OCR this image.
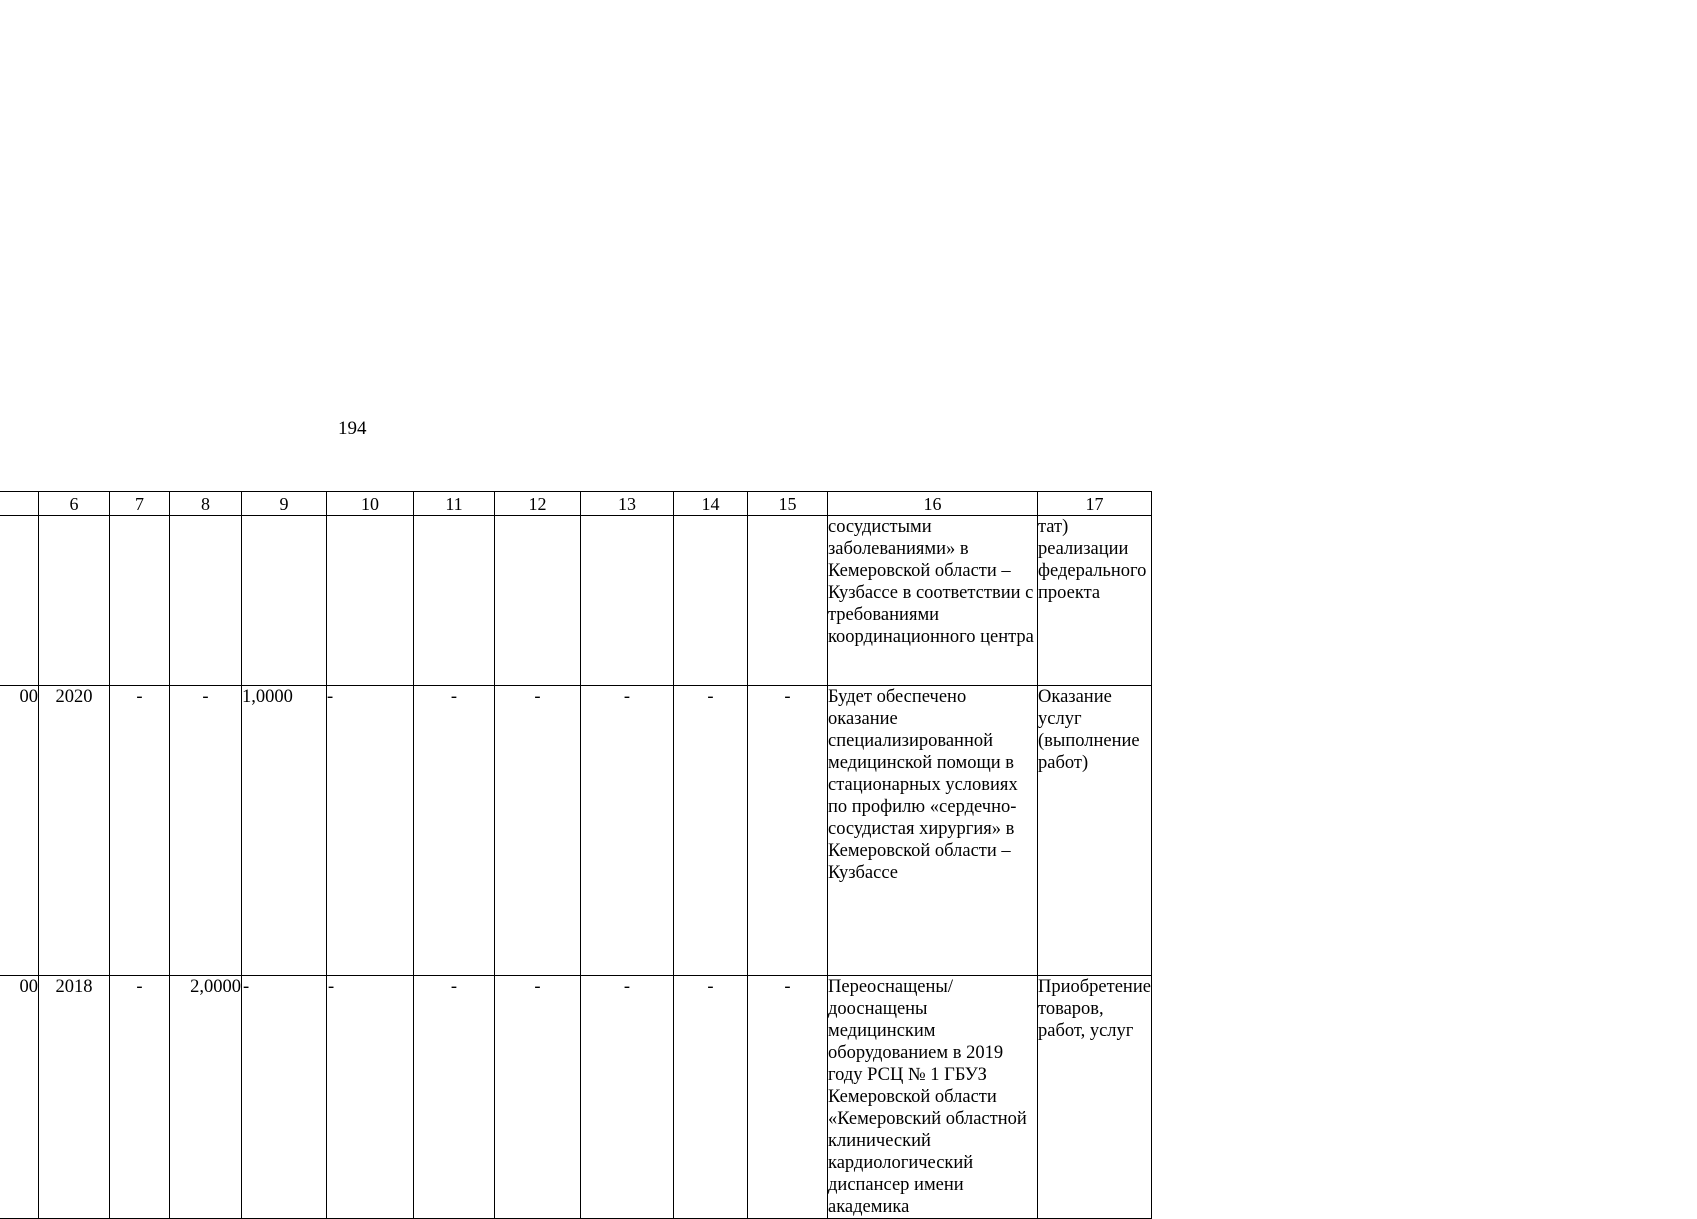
194
	6	7	8	9	10	11	12	13	14	15	16	17
											сосудистыми заболеваниями» в Кемеровской области – Кузбассе в соответствии с требованиями координационного центра	тат) реализации федерального проекта
00	2020	-	-	1,0000	-	-	-	-	-	-	Будет обеспечено оказание специализированной медицинской помощи в стационарных условиях по профилю «сердечно-сосудистая хирургия» в Кемеровской области – Кузбассе	Оказание услуг (выполнение работ)
00	2018	-	2,0000	-	-	-	-	-	-	-	Переоснащены/дооснащены медицинским оборудованием в 2019 году РСЦ № 1 ГБУЗ Кемеровской области «Кемеровский областной клинический кардиологический диспансер имени академика	Приобретение товаров, работ, услуг
